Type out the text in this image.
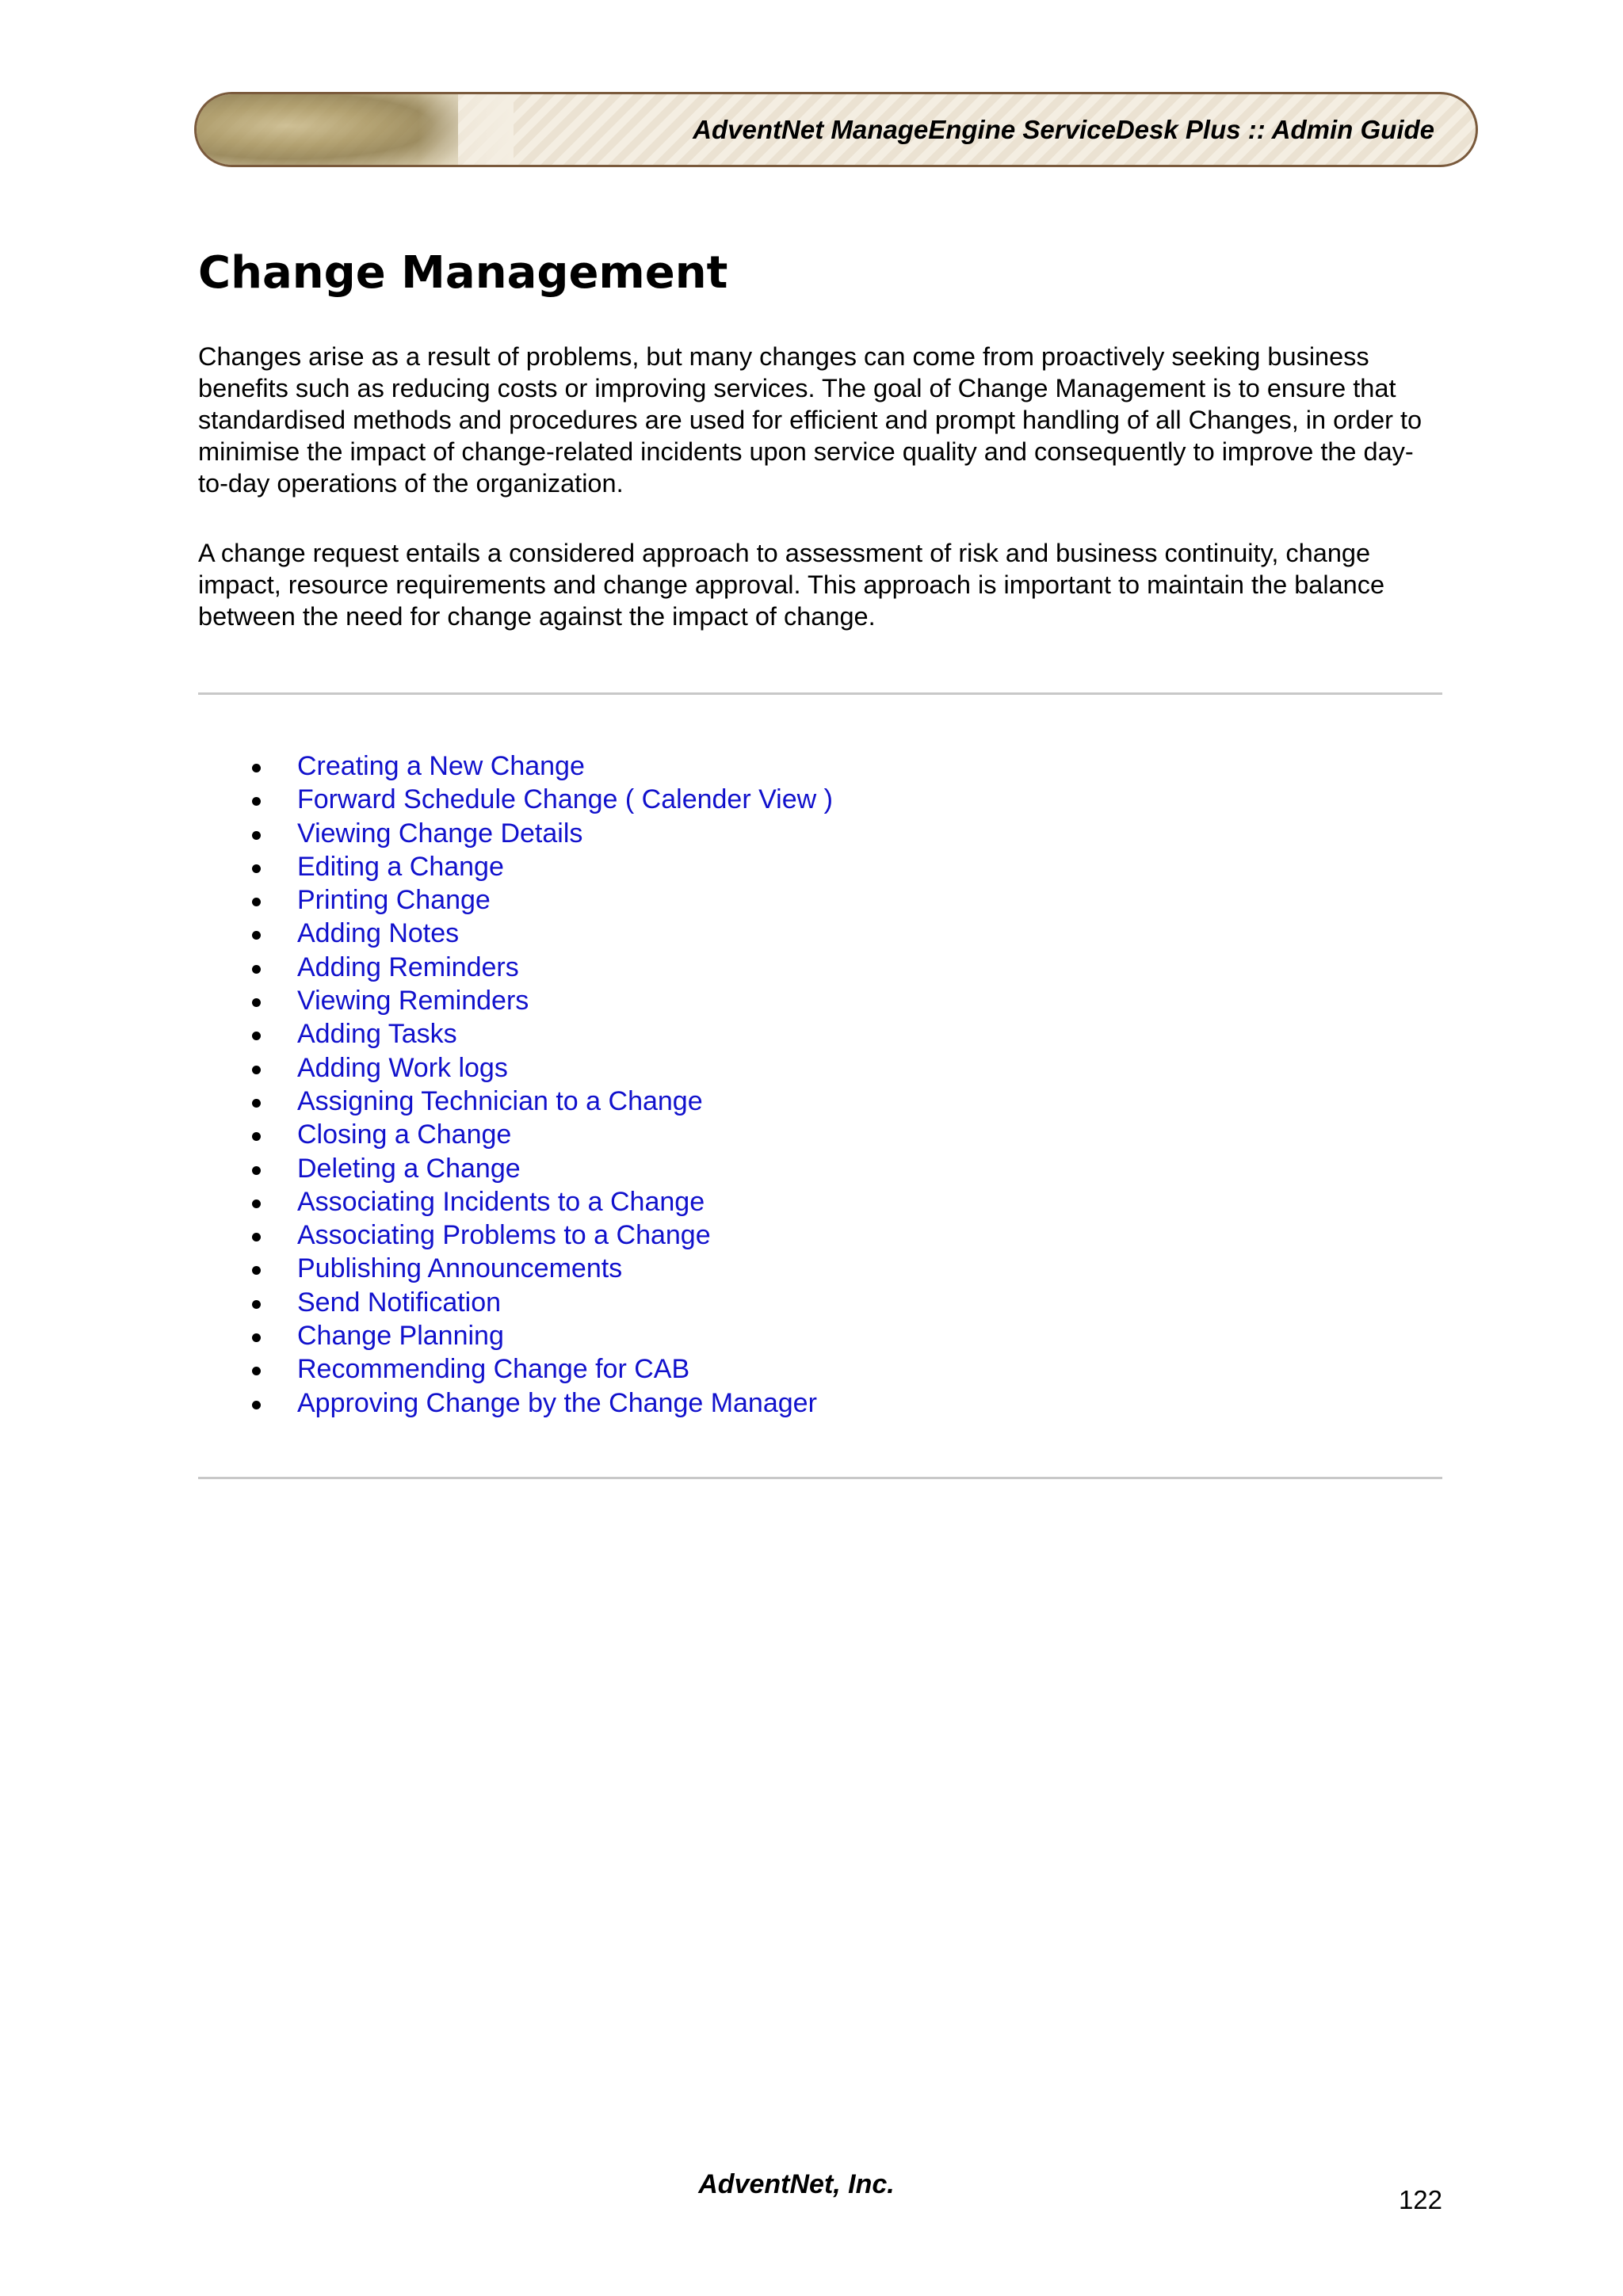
AdventNet ManageEngine ServiceDesk Plus :: Admin Guide
Change Management

Changes arise as a result of problems, but many changes can come from proactively seeking business benefits such as reducing costs or improving services. The goal of Change Management is to ensure that standardised methods and procedures are used for efficient and prompt handling of all Changes, in order to minimise the impact of change-related incidents upon service quality and consequently to improve the day-to-day operations of the organization.

A change request entails a considered approach to assessment of risk and business continuity, change impact, resource requirements and change approval. This approach is important to maintain the balance between the need for change against the impact of change.

Creating a New Change
Forward Schedule Change ( Calender View )
Viewing Change Details
Editing a Change
Printing Change
Adding Notes
Adding Reminders
Viewing Reminders
Adding Tasks
Adding Work logs
Assigning Technician to a Change
Closing a Change
Deleting a Change
Associating Incidents to a Change
Associating Problems to a Change
Publishing Announcements
Send Notification
Change Planning
Recommending Change for CAB
Approving Change by the Change Manager
AdventNet, Inc.
122
